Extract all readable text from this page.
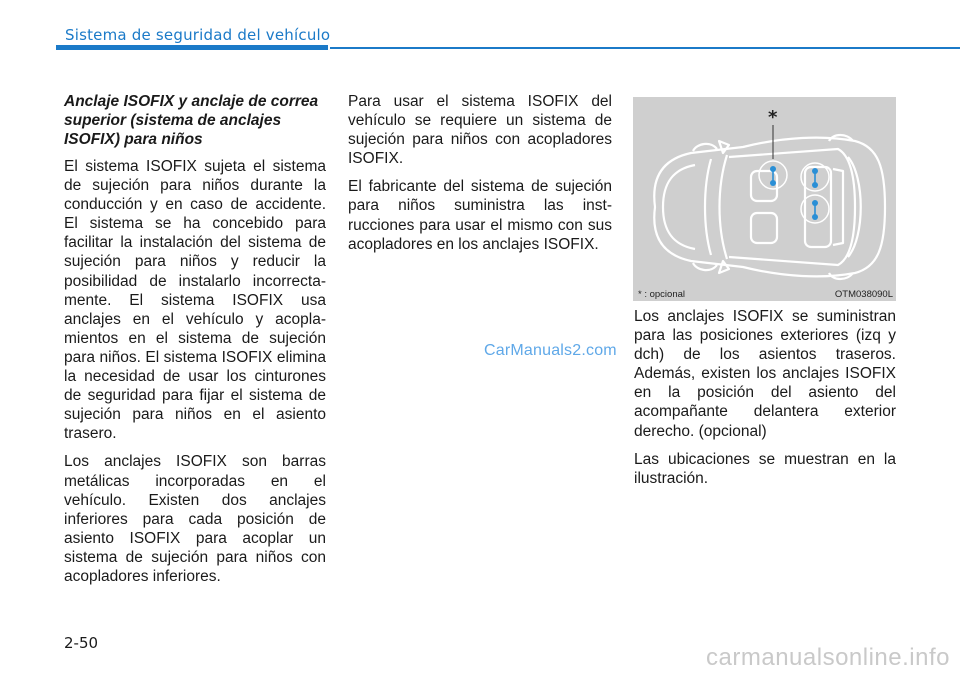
Sistema de seguridad del vehículo

Anclaje ISOFIX y anclaje de correa superior (sistema de anclajes ISOFIX) para niños

El sistema ISOFIX sujeta el sistema de sujeción para niños durante la conducción y en caso de accidente. El sistema se ha concebido para facilitar la instalación del sistema de sujeción para niños y reducir la posibilidad de instalarlo incorrecta-mente. El sistema ISOFIX usa anclajes en el vehículo y acopla-mientos en el sistema de sujeción para niños. El sistema ISOFIX elimina la necesidad de usar los cinturones de seguridad para fijar el sistema de sujeción para niños en el asiento trasero.

Los anclajes ISOFIX son barras metálicas incorporadas en el vehículo. Existen dos anclajes inferiores para cada posición de asiento ISOFIX para acoplar un sistema de sujeción para niños con acopladores inferiores.

Para usar el sistema ISOFIX del vehículo se requiere un sistema de sujeción para niños con acopladores ISOFIX.

El fabricante del sistema de sujeción para niños suministra las inst-rucciones para usar el mismo con sus acopladores en los anclajes ISOFIX.

*
* : opcional	OTM038090L

Los anclajes ISOFIX se suministran para las posiciones exteriores (izq y dch) de los asientos traseros. Además, existen los anclajes ISOFIX en la posición del asiento del acompañante delantera exterior derecho. (opcional)

Las ubicaciones se muestran en la ilustración.

CarManuals2.com
2-50
carmanualsonline.info
